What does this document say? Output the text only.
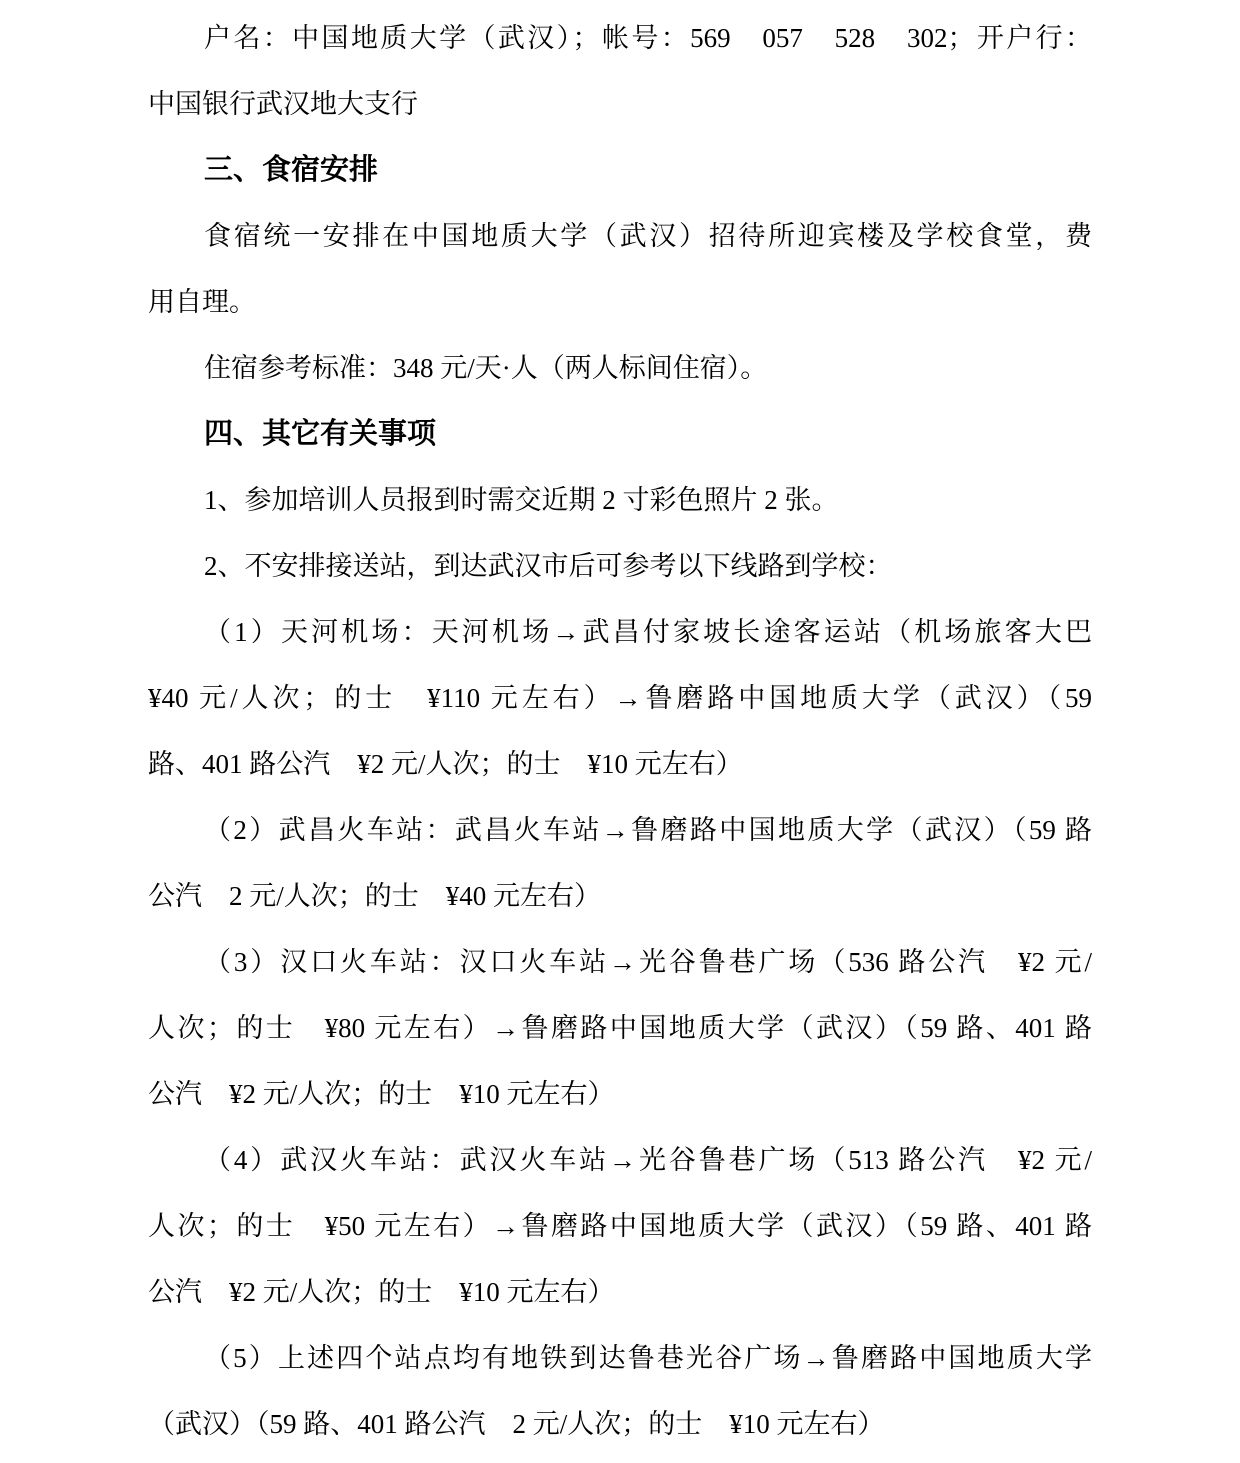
户名：中国地质大学（武汉）；帐号：569　057　528　302；开户行：
中国银行武汉地大支行
三、食宿安排
食宿统一安排在中国地质大学（武汉）招待所迎宾楼及学校食堂，费
用自理。
住宿参考标准：348 元/天·人（两人标间住宿）。
四、其它有关事项
1、参加培训人员报到时需交近期 2 寸彩色照片 2 张。
2、不安排接送站，到达武汉市后可参考以下线路到学校：
（1）天河机场：天河机场→武昌付家坡长途客运站（机场旅客大巴
¥40 元/人次；的士　¥110 元左右）→鲁磨路中国地质大学（武汉）（59
路、401 路公汽　¥2 元/人次；的士　¥10 元左右）
（2）武昌火车站：武昌火车站→鲁磨路中国地质大学（武汉）（59 路
公汽　2 元/人次；的士　¥40 元左右）
（3）汉口火车站：汉口火车站→光谷鲁巷广场（536 路公汽　¥2 元/
人次；的士　¥80 元左右）→鲁磨路中国地质大学（武汉）（59 路、401 路
公汽　¥2 元/人次；的士　¥10 元左右）
（4）武汉火车站：武汉火车站→光谷鲁巷广场（513 路公汽　¥2 元/
人次；的士　¥50 元左右）→鲁磨路中国地质大学（武汉）（59 路、401 路
公汽　¥2 元/人次；的士　¥10 元左右）
（5）上述四个站点均有地铁到达鲁巷光谷广场→鲁磨路中国地质大学
（武汉）（59 路、401 路公汽　2 元/人次；的士　¥10 元左右）
